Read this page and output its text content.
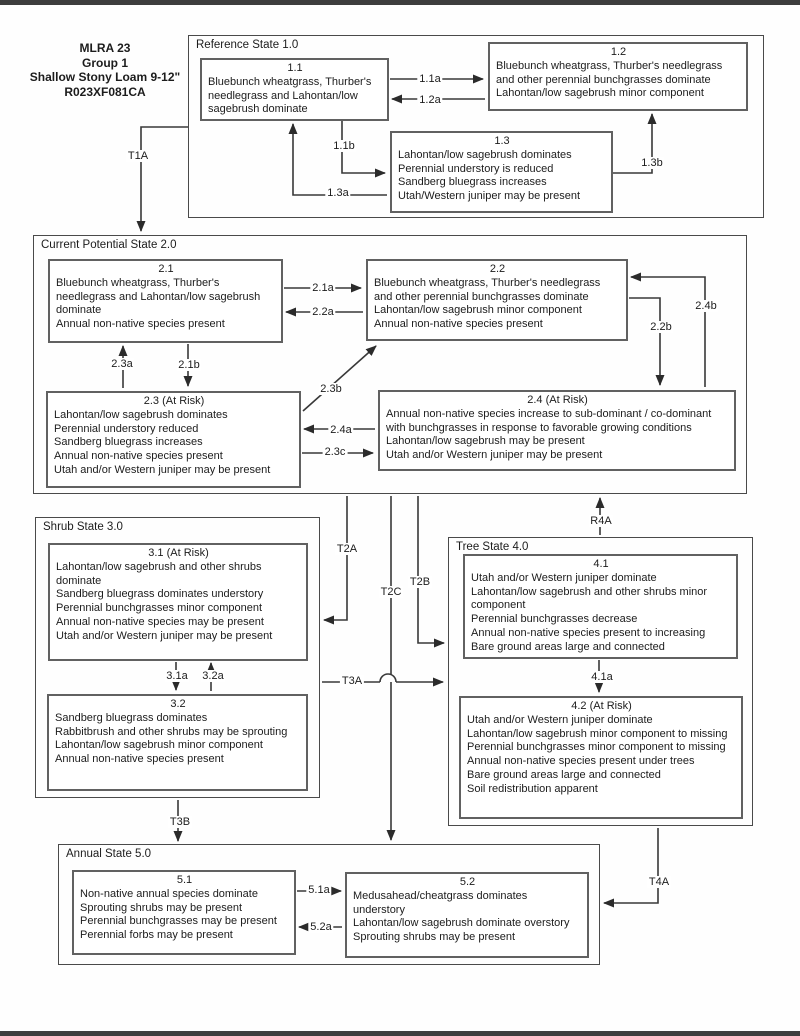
MLRA 23
Group 1
Shallow Stony Loam 9-12"
R023XF081CA
Reference State 1.0
1.1
Bluebunch wheatgrass, Thurber's needlegrass and Lahontan/low sagebrush dominate
1.2
Bluebunch wheatgrass, Thurber's needlegrass and other perennial bunchgrasses dominate
Lahontan/low sagebrush minor component
1.3
Lahontan/low sagebrush dominates
Perennial understory is reduced
Sandberg bluegrass increases
Utah/Western juniper may be present
Current Potential State 2.0
2.1
Bluebunch wheatgrass, Thurber's needlegrass and Lahontan/low sagebrush dominate
Annual non-native species present
2.2
Bluebunch wheatgrass, Thurber's needlegrass and other perennial bunchgrasses dominate
Lahontan/low sagebrush minor component
Annual non-native species present
2.3 (At Risk)
Lahontan/low sagebrush dominates
Perennial understory reduced
Sandberg bluegrass increases
Annual non-native species present
Utah and/or Western juniper may be present
2.4 (At Risk)
Annual non-native species increase to sub-dominant / co-dominant with bunchgrasses in response to favorable growing conditions
Lahontan/low sagebrush may be present
Utah and/or Western juniper may be present
Shrub State 3.0
3.1 (At Risk)
Lahontan/low sagebrush and other shrubs dominate
Sandberg bluegrass dominates understory
Perennial bunchgrasses minor component
Annual non-native species may be present
Utah and/or Western juniper may be present
3.2
Sandberg bluegrass dominates
Rabbitbrush and other shrubs may be sprouting
Lahontan/low sagebrush minor component
Annual non-native species present
Tree State 4.0
4.1
Utah and/or Western juniper dominate
Lahontan/low sagebrush and other shrubs minor component
Perennial bunchgrasses decrease
Annual non-native species present to increasing
Bare ground areas large and connected
4.2 (At Risk)
Utah and/or Western juniper dominate
Lahontan/low sagebrush minor component to missing
Perennial bunchgrasses minor component to missing
Annual non-native species present under trees
Bare ground areas large and connected
Soil redistribution apparent
Annual State 5.0
5.1
Non-native annual species dominate
Sprouting shrubs may be present
Perennial bunchgrasses may be present
Perennial forbs may be present
5.2
Medusahead/cheatgrass dominates understory
Lahontan/low sagebrush dominate overstory
Sprouting shrubs may be present
T1A
1.1a
1.2a
1.1b
1.3a
1.3b
2.1a
2.2a
2.3a	2.1b
2.3b
2.2b
2.4b
2.4a
2.3c
T2A
T2C
T2B
T3A
3.1a 3.2a
T3B
4.1a
R4A
T4A
5.1a
5.2a
